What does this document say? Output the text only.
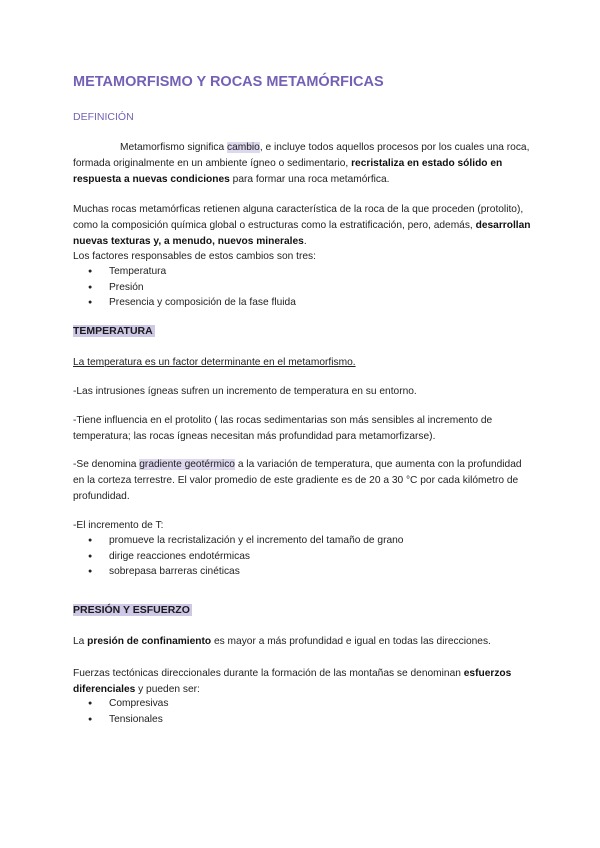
METAMORFISMO Y ROCAS METAMÓRFICAS
DEFINICIÓN

Metamorfismo significa cambio, e incluye todos aquellos procesos por los cuales una roca, formada originalmente en un ambiente ígneo o sedimentario, recristaliza en estado sólido en respuesta a nuevas condiciones para formar una roca metamórfica.

Muchas rocas metamórficas retienen alguna característica de la roca de la que proceden (protolito), como la composición química global o estructuras como la estratificación, pero, además, desarrollan nuevas texturas y, a menudo, nuevos minerales.

Los factores responsables de estos cambios son tres:

● Temperatura
● Presión
● Presencia y composición de la fase fluida
TEMPERATURA

La temperatura es un factor determinante en el metamorfismo.

-Las intrusiones ígneas sufren un incremento de temperatura en su entorno.

-Tiene influencia en el protolito ( las rocas sedimentarias son más sensibles al incremento de temperatura; las rocas ígneas necesitan más profundidad para metamorfizarse).

-Se denomina gradiente geotérmico a la variación de temperatura, que aumenta con la profundidad en la corteza terrestre. El valor promedio de este gradiente es de 20 a 30 °C por cada kilómetro de profundidad.

-El incremento de T:

● promueve la recristalización y el incremento del tamaño de grano
● dirige reacciones endotérmicas
● sobrepasa barreras cinéticas
PRESIÓN Y ESFUERZO

La presión de confinamiento es mayor a más profundidad e igual en todas las direcciones.

Fuerzas tectónicas direccionales durante la formación de las montañas se denominan esfuerzos diferenciales y pueden ser:

● Compresivas
● Tensionales
